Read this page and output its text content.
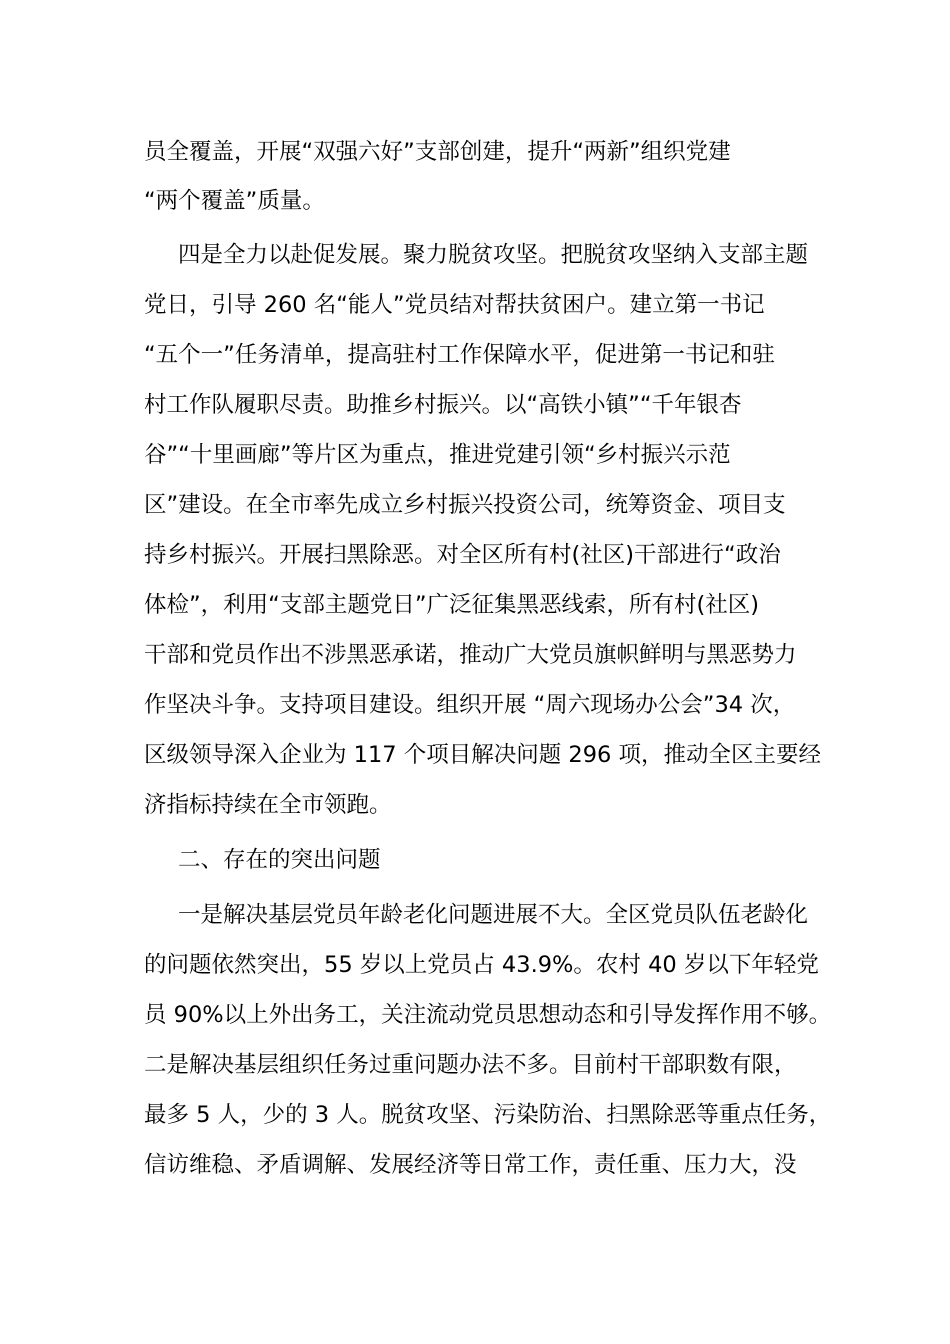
员全覆盖，开展“双强六好”支部创建，提升“两新”组织党建
“两个覆盖”质量。
四是全力以赴促发展。聚力脱贫攻坚。把脱贫攻坚纳入支部主题
党日，引导 260 名“能人”党员结对帮扶贫困户。建立第一书记
“五个一”任务清单，提高驻村工作保障水平，促进第一书记和驻
村工作队履职尽责。助推乡村振兴。以“高铁小镇”“千年银杏
谷”“十里画廊”等片区为重点，推进党建引领“乡村振兴示范
区”建设。在全市率先成立乡村振兴投资公司，统筹资金、项目支
持乡村振兴。开展扫黑除恶。对全区所有村(社区)干部进行“政治
体检”，利用“支部主题党日”广泛征集黑恶线索，所有村(社区)
干部和党员作出不涉黑恶承诺，推动广大党员旗帜鲜明与黑恶势力
作坚决斗争。支持项目建设。组织开展 “周六现场办公会”34 次，
区级领导深入企业为 117 个项目解决问题 296 项，推动全区主要经
济指标持续在全市领跑。
二、存在的突出问题
一是解决基层党员年龄老化问题进展不大。全区党员队伍老龄化
的问题依然突出，55 岁以上党员占 43.9%。农村 40 岁以下年轻党
员 90%以上外出务工，关注流动党员思想动态和引导发挥作用不够。
二是解决基层组织任务过重问题办法不多。目前村干部职数有限，
最多 5 人，少的 3 人。脱贫攻坚、污染防治、扫黑除恶等重点任务，
信访维稳、矛盾调解、发展经济等日常工作，责任重、压力大，没
